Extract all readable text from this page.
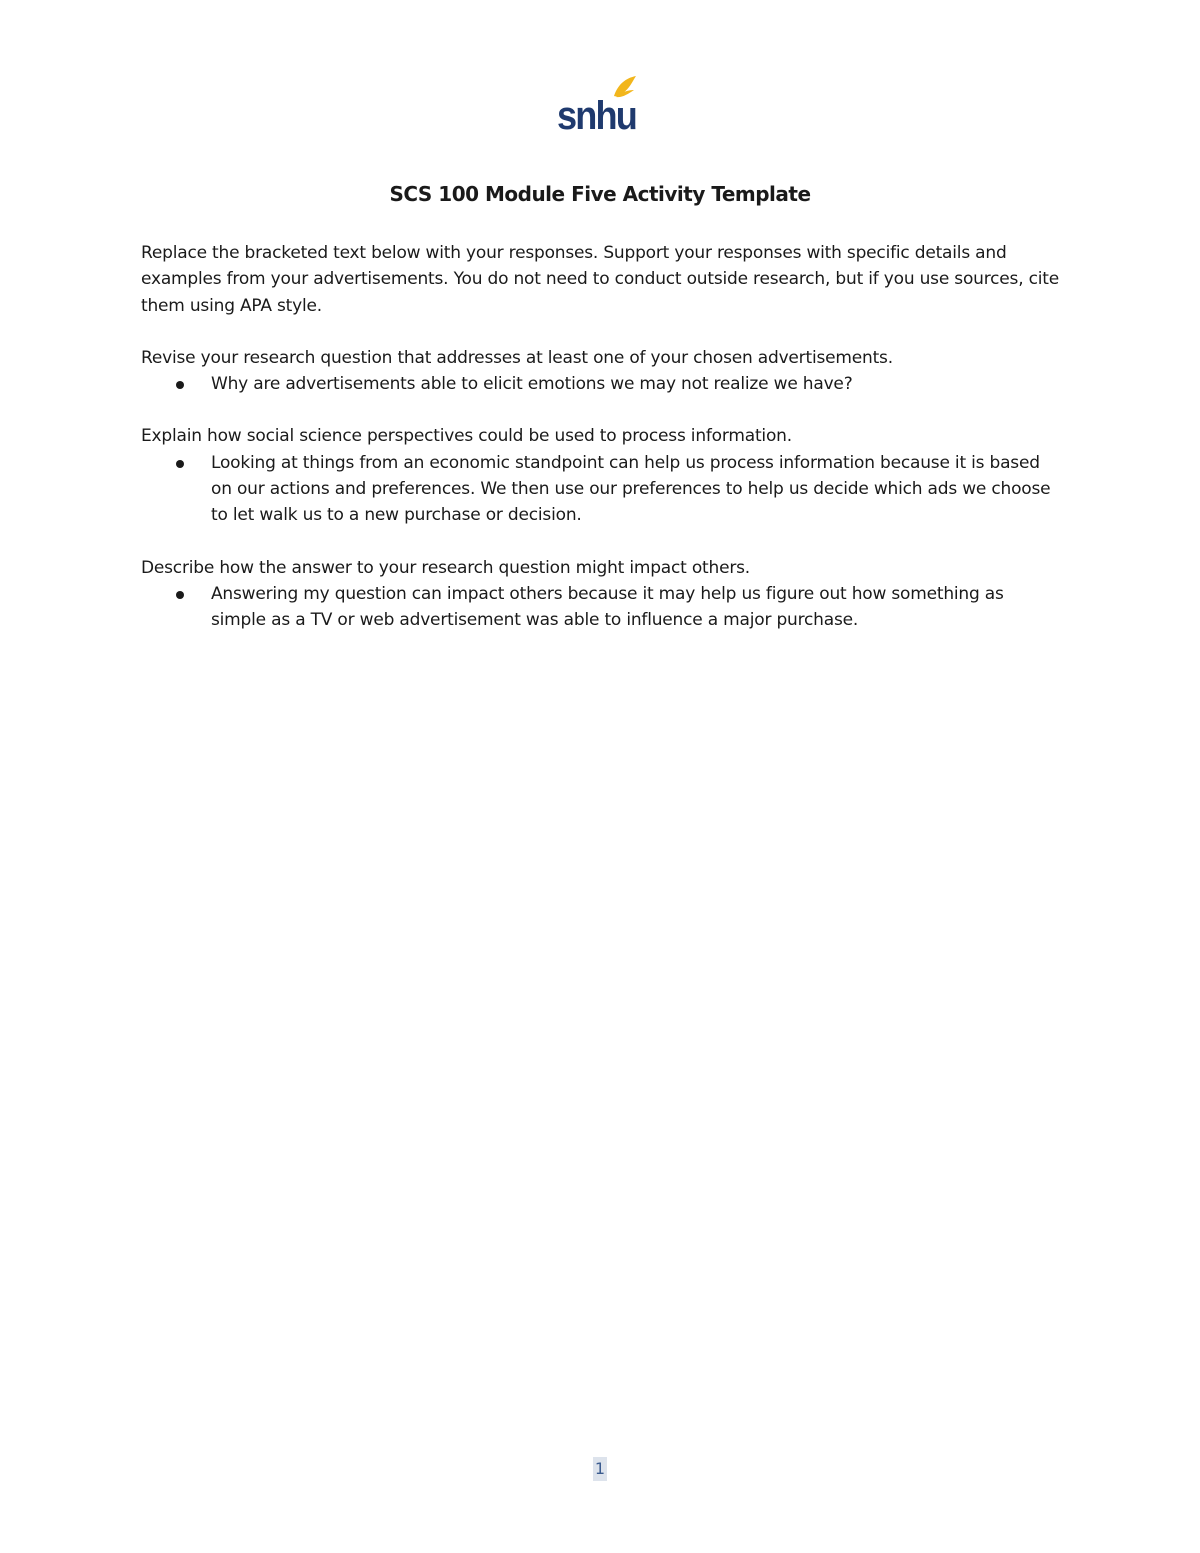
snhu
SCS 100 Module Five Activity Template

Replace the bracketed text below with your responses. Support your responses with specific details and examples from your advertisements. You do not need to conduct outside research, but if you use sources, cite them using APA style.

Revise your research question that addresses at least one of your chosen advertisements.

Why are advertisements able to elicit emotions we may not realize we have?

Explain how social science perspectives could be used to process information.

Looking at things from an economic standpoint can help us process information because it is based on our actions and preferences. We then use our preferences to help us decide which ads we choose to let walk us to a new purchase or decision.

Describe how the answer to your research question might impact others.

Answering my question can impact others because it may help us figure out how something as simple as a TV or web advertisement was able to influence a major purchase.
1
